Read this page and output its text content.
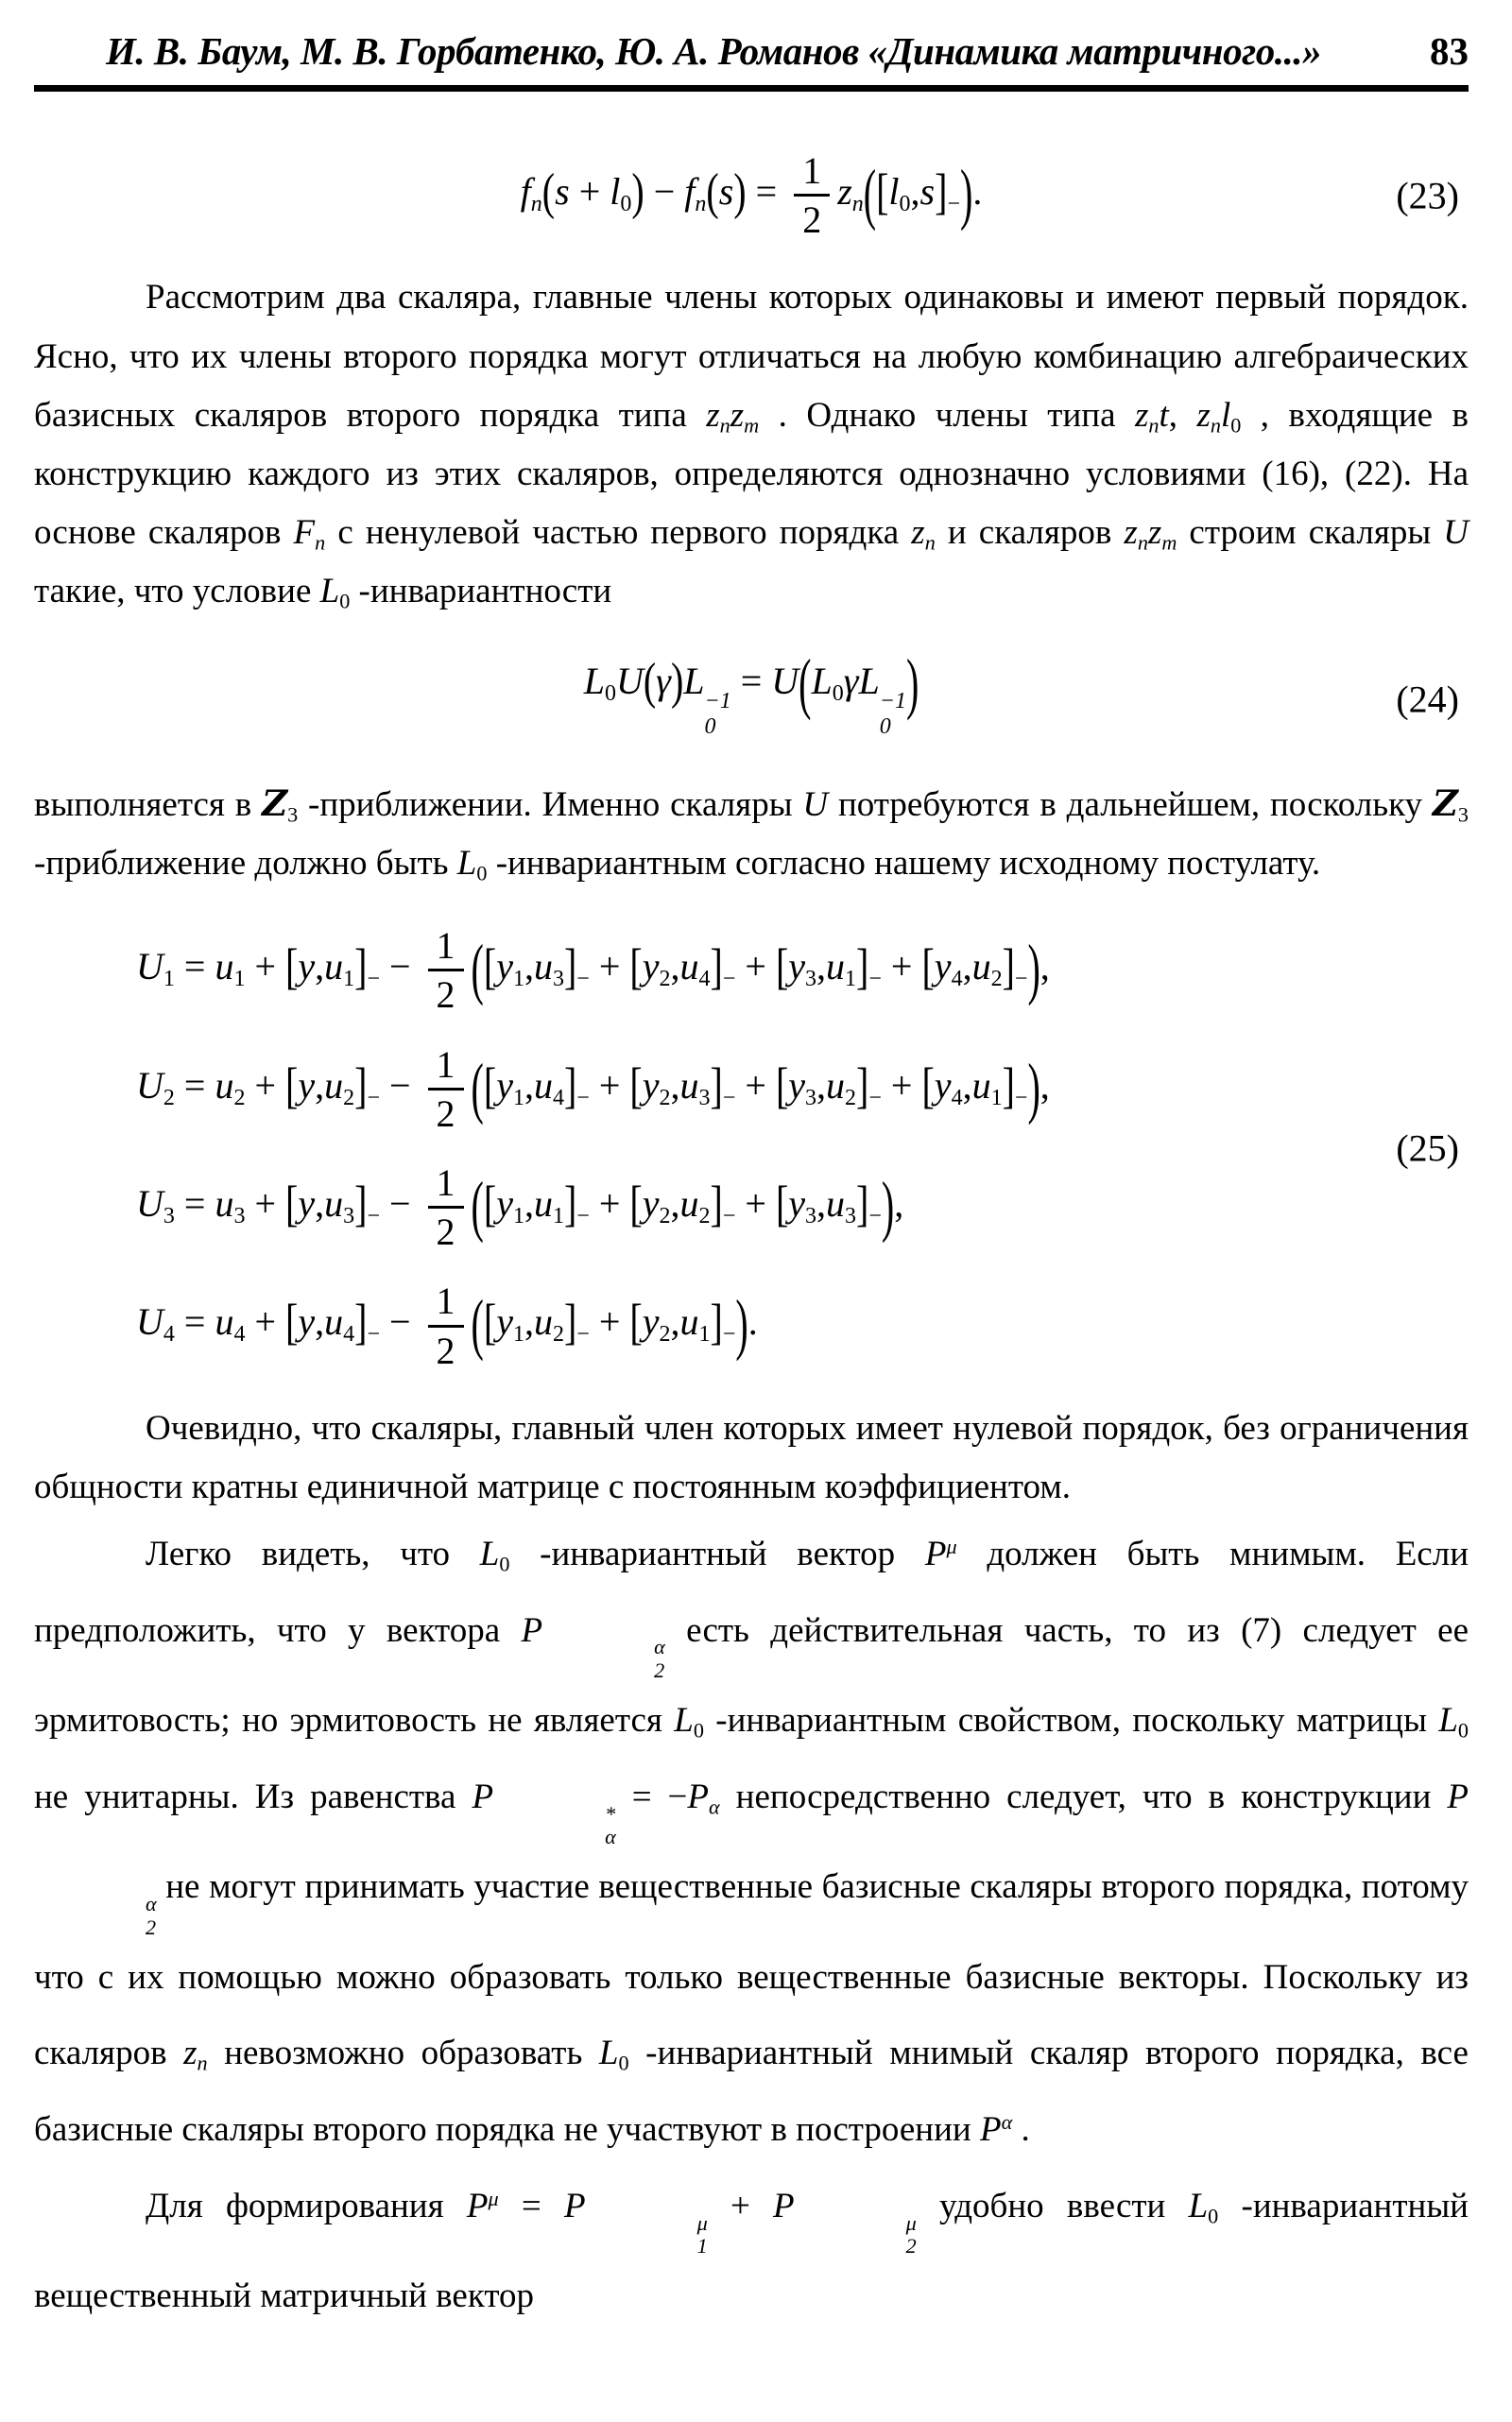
И. В. Баум, М. В. Горбатенко, Ю. А. Романов «Динамика матричного...»	83
$f_n(s + l_0) - f_n(s) = \frac{1}{2} z_n([l_0,s]_-)$.	(23)

Рассмотрим два скаляра, главные члены которых одинаковы и имеют первый порядок. Ясно, что их члены второго порядка могут отличаться на любую комбинацию алгебраических базисных скаляров второго порядка типа $z_nz_m$ . Однако члены типа $z_nt$, $z_nl_0$ , входящие в конструкцию каждого из этих скаляров, определяются однозначно условиями (16), (22). На основе скаляров $F_n$ с ненулевой частью первого порядка $z_n$ и скаляров $z_nz_m$ строим скаляры U такие, что условие $L_0$ -инвариантности

$L_0U(\gamma)L -1$
0
= $U(L_0\gamma L -1$
0
)	(24)

выполняется в $Z_3$ -приближении. Именно скаляры U потребуются в дальнейшем, поскольку $Z_3$ -приближение должно быть $L_0$ -инвариантным согласно нашему исходному постулату.

$U_1 = u_1 + [y,u_1]_- - \frac{1}{2} ([y_1,u_3]_- + [y_2,u_4]_- + [y_3,u_1]_- + [y_4,u_2]_-)$,
$U_2 = u_2 + [y,u_2]_- - \frac{1}{2} ([y_1,u_4]_- + [y_2,u_3]_- + [y_3,u_2]_- + [y_4,u_1]_-)$,
$U_3 = u_3 + [y,u_3]_- - \frac{1}{2} ([y_1,u_1]_- + [y_2,u_2]_- + [y_3,u_3]_-)$,
$U_4 = u_4 + [y,u_4]_- - \frac{1}{2} ([y_1,u_2]_- + [y_2,u_1]_-)$.
(25)

Очевидно, что скаляры, главный член которых имеет нулевой порядок, без ограничения общности кратны единичной матрице с постоянным коэффициентом.

Легко видеть, что $L_0$ -инвариантный вектор $P^\mu$ должен быть мнимым. Если предположить, что у вектора P	α
2
есть действительная часть, то из (7) следует ее эрмитовость; но эрмитовость не является $L_0$ -инвариантным свойством, поскольку матрицы $L_0$ не унитарны. Из равенства P	*
α
= $-P_\alpha$ непосредственно следует, что в конструкции P
α
2
не могут принимать участие вещественные базисные скаляры второго порядка, потому что с их помощью можно образовать только вещественные базисные векторы. Поскольку из скаляров $z_n$ невозможно образовать $L_0$ -инвариантный мнимый скаляр второго порядка, все базисные скаляры второго порядка не участвуют в построении $P^\alpha$ .

Для формирования $P^\mu = P$	μ
1
+ P	μ
2
удобно ввести $L_0$ -инвариантный вещественный матричный вектор
